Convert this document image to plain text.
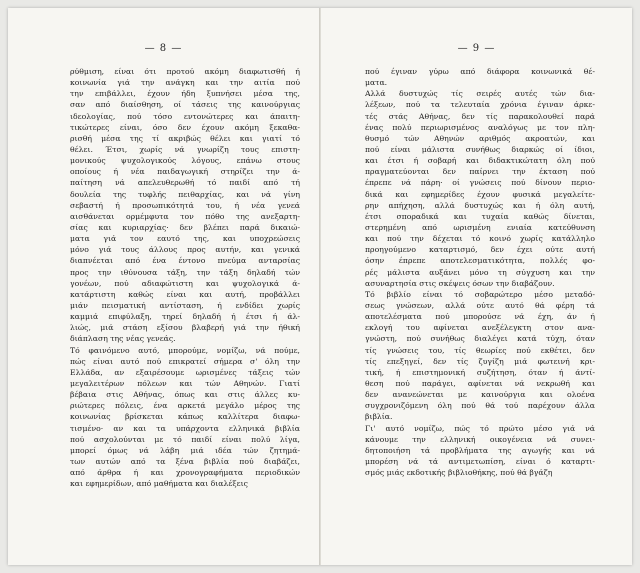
— 8 —
ρύθμιση, είναι ότι προτού ακόμη διαφωτισθή ή
κοινωνία γιά την ανάγκη και την αιτία πού
την επιβάλλει, έχουν ήδη ξυπνήσει μέσα της,
σαν από διαίσθηση, οί τάσεις της καινούργιας
ιδεολογίας, πού τόσο εντονώτερες και άπαιτη-
τικώτερες είναι, όσο δεν έχουν ακόμη ξεκαθα-
ρισθή μέσα της τί ακριβώς θέλει και γιατί τό
θέλει. Έτσι, χωρίς νά γνωρίζη τους επιστη-
μονικούς ψυχολογικούς λόγους, επάνω στους
οποίους ή νέα παιδαγωγική στηρίζει την ά-
παίτηση νά απελευθερωθή τό παιδί από τή
δουλεία της τυφλής πειθαρχίας, και νά γίνη
σεβαστή ή προσωπικότητά του, ή νέα γενεά
αισθάνεται ορμέμφυτα τον πόθο της ανεξαρτη-
σίας και κυριαρχίας· δεν βλέπει παρά δικαιώ-
ματα γιά τον εαυτό της, και υποχρεώσεις
μόνο γιά τους άλλους προς αυτήν, και γενικά
διαπνέεται από ένα έντονο πνεύμα ανταρσίας
προς την ιθύνουσα τάξη, την τάξη δηλαδή τών
γονέων, πού αδιαφώτιστη και ψυχολογικά ά-
κατάρτιστη καθώς είναι και αυτή, προβάλλει
μιάν πεισματική αντίσταση, ή ενδίδει χωρίς
καμμιά επιφύλαξη, τηρεί δηλαδή ή έτσι ή άλ-
λιώς, μιά στάση εξίσου βλαβερή γιά την ήθική
διάπλαση της νέας γενεάς.
Τό φαινόμενο αυτό, μπορούμε, νομίζω, νά πούμε,
πώς είναι αυτό πού επικρατεί σήμερα σ' όλη την
Ελλάδα, αν εξαιρέσουμε ωρισμένες τάξεις τών
μεγαλειτέρων πόλεων και τών Αθηνών. Γιατί
βέβαια στις Αθήνας, όπως και στις άλλες κυ-
ριώτερες πόλεις, ένα αρκετά μεγάλο μέρος της
κοινωνίας βρίσκεται κάπως καλλίτερα διαφω-
τισμένο· αν και τα υπάρχοντα ελληνικά βιβλία
πού ασχολούνται με τό παιδί είναι πολύ λίγα,
μπορεί όμως νά λάβη μιά ιδέα τών ζητημά-
των αυτών από τα ξένα βιβλία πού διαβάζει,
από άρθρα ή και χρονογραφήματα περιοδικών
και εφημερίδων, από μαθήματα και διαλέξεις
— 9 —
πού έγιναν γύρω από διάφορα κοινωνικά θέ-
ματα.
Αλλά δυστυχώς τίς σειρές αυτές τών δια-
λέξεων, πού τα τελευταία χρόνια έγιναν άρκε-
τές στάς Αθήνας, δεν τίς παρακολουθεί παρά
ένας πολύ περιωρισμένος αναλόγως με τον πλη-
θυσμό τών Αθηνών αριθμός ακροατών, και
πού είναι μάλιστα συνήθως διαρκώς οί ίδιοι,
και έτσι ή σοβαρή και διδακτικώτατη όλη πού
πραγματεύονται δεν παίρνει την έκταση πού
έπρεπε νά πάρη· οί γνώσεις πού δίνουν περιο-
δικά και εφημερίδες έχουν φυσικά μεγαλείτε-
ρην απήχηση, αλλά δυστυχώς και ή όλη αυτή,
έτσι σποραδικά και τυχαία καθώς δίνεται,
στερημένη από ωρισμένη ενιαία κατεύθυνση
και πού την δέχεται τό κοινό χωρίς κατάλληλο
προηγούμενο καταρτισμό, δεν έχει ούτε αυτή
όσην έπρεπε αποτελεσματικότητα, πολλές φο-
ρές μάλιστα αυξάνει μόνο τη σύγχυση και την
ασυναρτησία στις σκέψεις όσων την διαβάζουν.
Τό βιβλίο είναι τό σοβαρώτερο μέσο μεταδό-
σεως γνώσεων, αλλά ούτε αυτό θά φέρη τά
αποτελέσματα πού μπορούσε νά έχη, άν ή
εκλογή του αφίνεται ανεξέλεγκτη στον ανα-
γνώστη, πού συνήθως διαλέγει κατά τύχη, όταν
τίς γνώσεις του, τίς θεωρίες πού εκθέτει, δεν
τίς επεξηγεί, δεν τίς ζυγίζη μιά φωτεινή κρι-
τική, ή επιστημονική συζήτηση, όταν ή άντί-
θεση πού παράγει, αφίνεται νά νεκρωθή και
δεν ανανεώνεται με καινούργια και ολοένα
συγχρονιζόμενη όλη πού θά τού παρέχουν άλλα
βιβλία.
Γι' αυτό νομίζω, πώς τό πρώτο μέσο γιά νά
κάνουμε την ελληνική οικογένεια νά συνει-
δητοποιήση τά προβλήματα της αγωγής και νά
μπορέση νά τά αντιμετωπίση, είναι ό καταρτι-
σμός μιάς εκδοτικής βιβλιοθήκης, πού θά βγάζη
